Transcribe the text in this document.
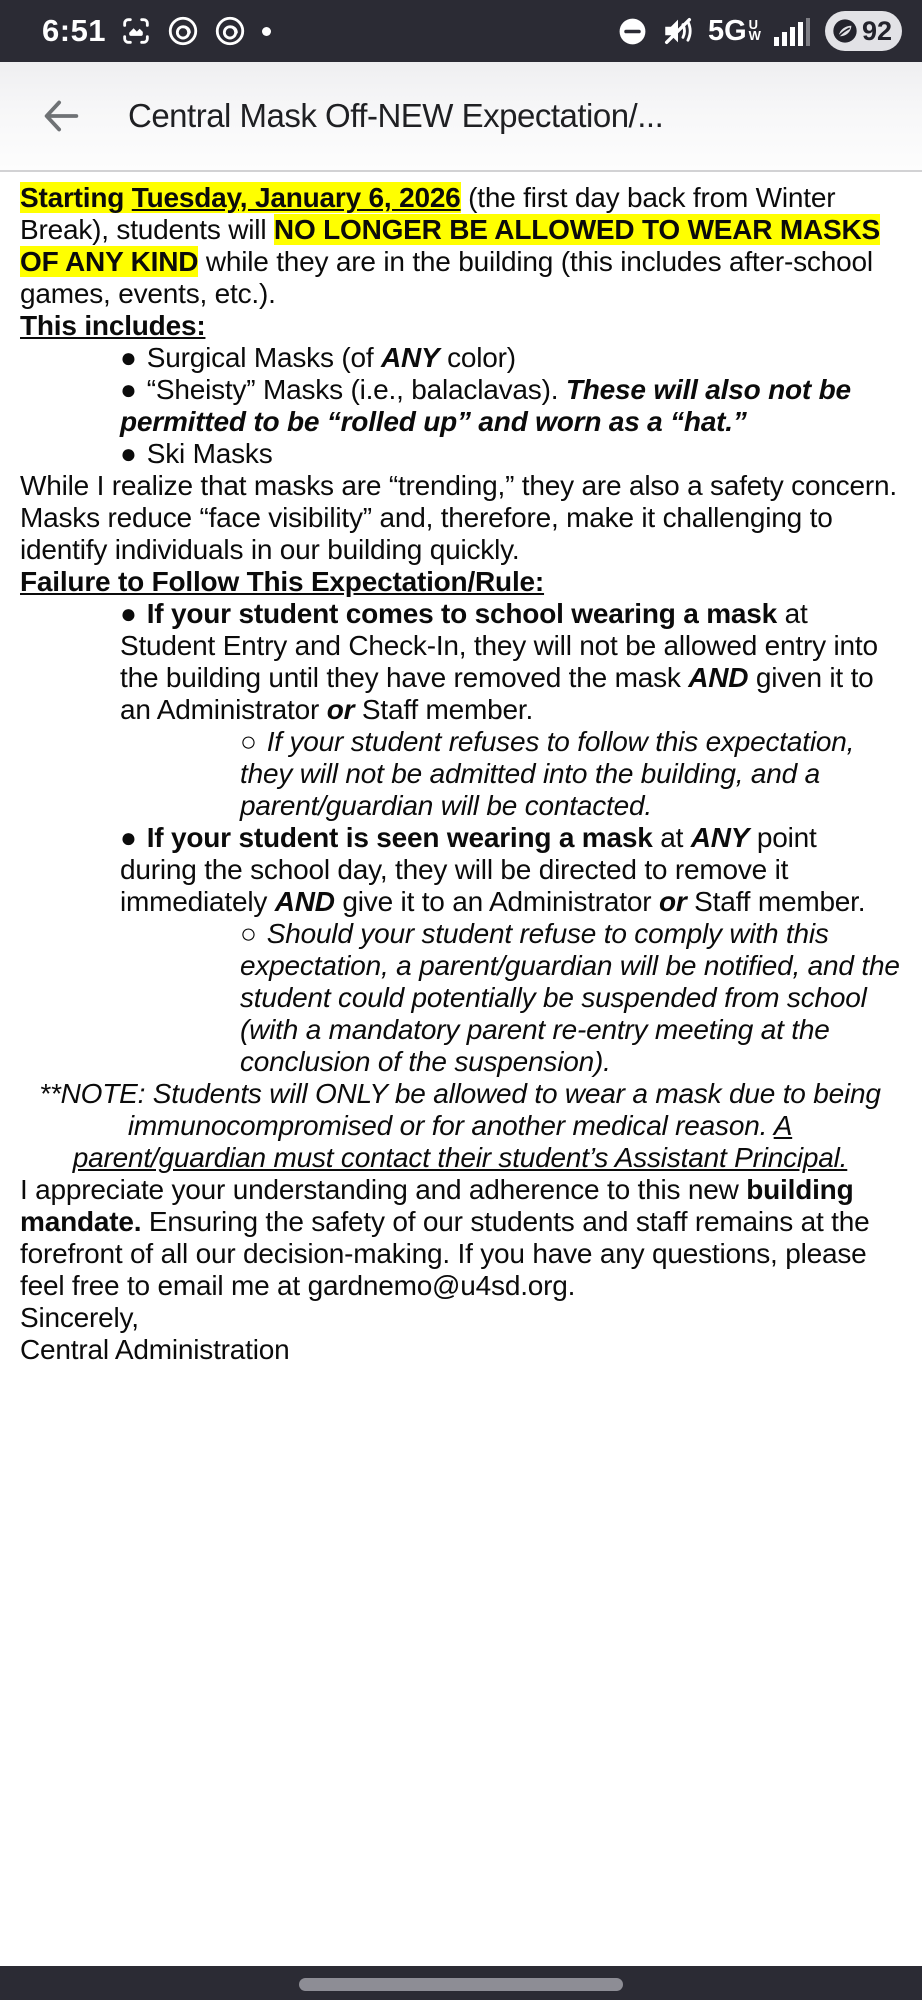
6:51	5G U
W	92
Central Mask Off-NEW Expectation/...

Starting Tuesday, January 6, 2026 (the first day back from Winter Break), students will NO LONGER BE ALLOWED TO WEAR MASKS OF ANY KIND while they are in the building (this includes after-school games, events, etc.).

This includes:

● Surgical Masks (of ANY color)
● “Sheisty” Masks (i.e., balaclavas). These will also not be permitted to be “rolled up” and worn as a “hat.”
● Ski Masks

While I realize that masks are “trending,” they are also a safety concern. Masks reduce “face visibility” and, therefore, make it challenging to identify individuals in our building quickly.

Failure to Follow This Expectation/Rule:

● If your student comes to school wearing a mask at Student Entry and Check-In, they will not be allowed entry into the building until they have removed the mask AND given it to an Administrator or Staff member.
○ If your student refuses to follow this expectation, they will not be admitted into the building, and a parent/guardian will be contacted.
● If your student is seen wearing a mask at ANY point during the school day, they will be directed to remove it immediately AND give it to an Administrator or Staff member.
○ Should your student refuse to comply with this expectation, a parent/guardian will be notified, and the student could potentially be suspended from school (with a mandatory parent re-entry meeting at the conclusion of the suspension).

**NOTE: Students will ONLY be allowed to wear a mask due to being immunocompromised or for another medical reason. A parent/guardian must contact their student’s Assistant Principal.

I appreciate your understanding and adherence to this new building mandate. Ensuring the safety of our students and staff remains at the forefront of all our decision-making. If you have any questions, please feel free to email me at gardnemo@u4sd.org.

Sincerely,

Central Administration
